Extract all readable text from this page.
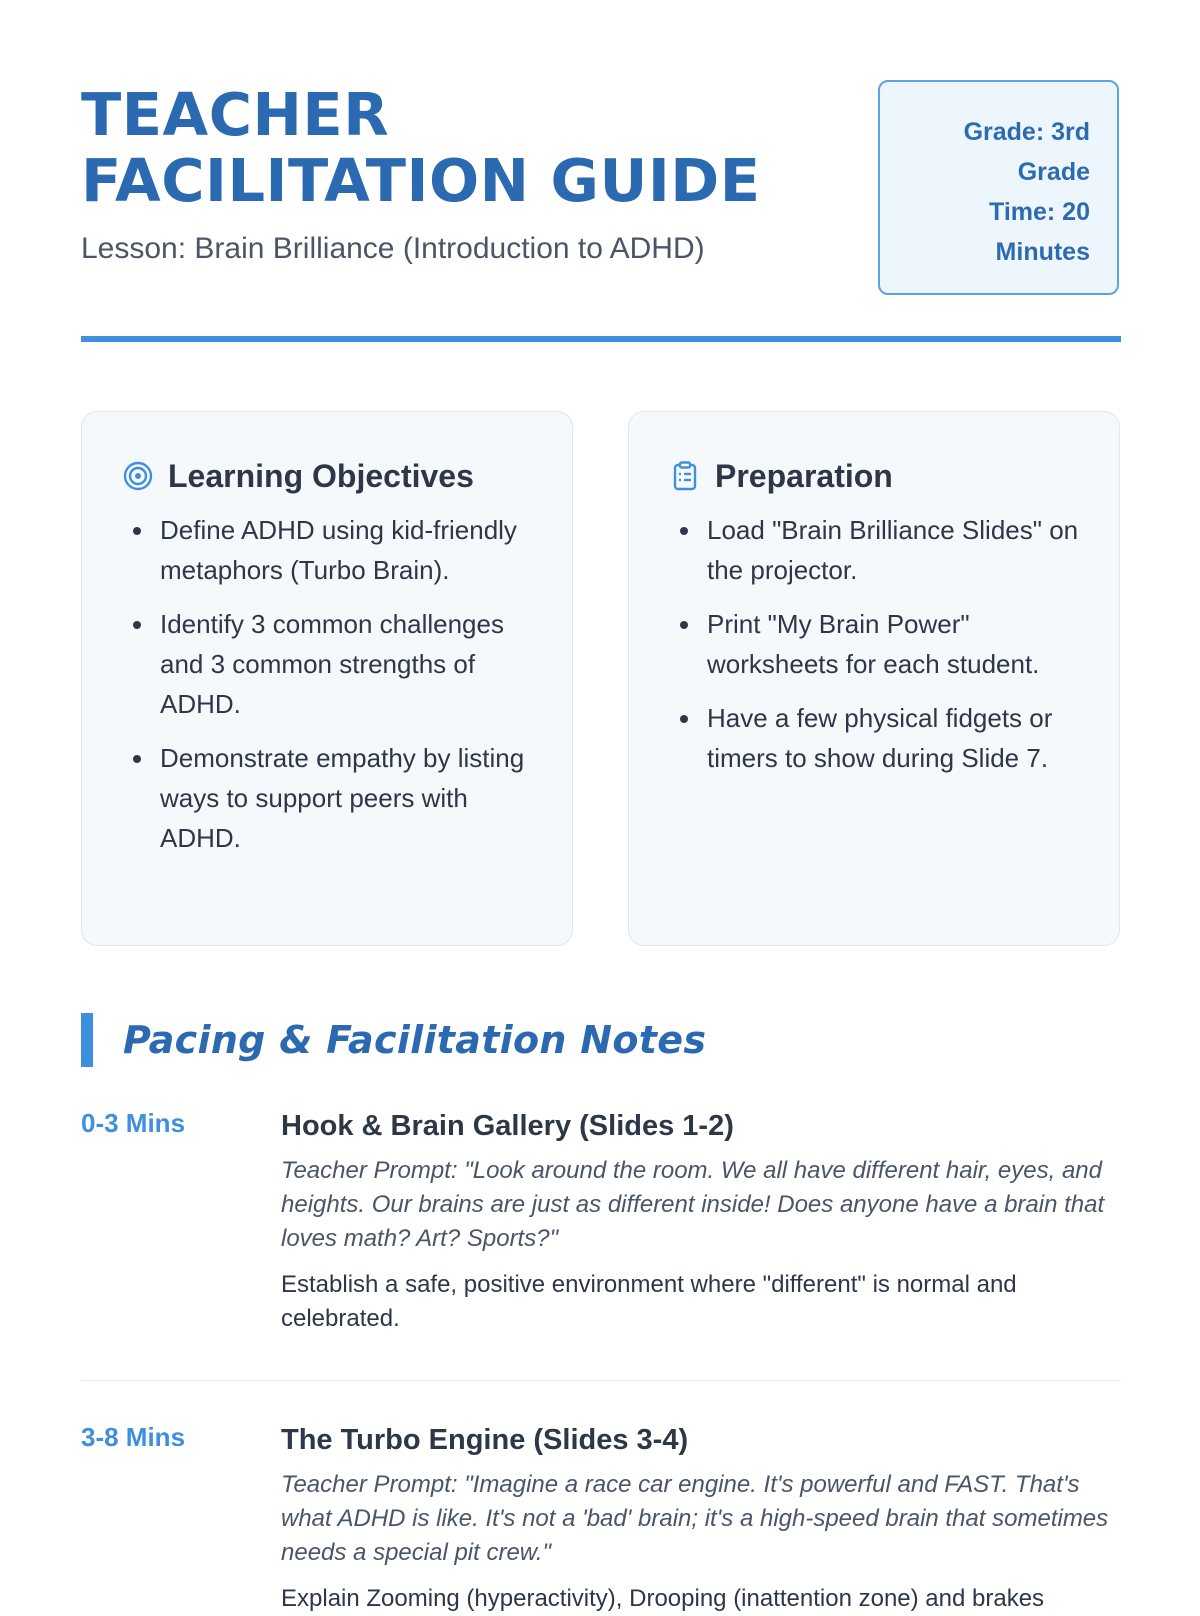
TEACHER FACILITATION GUIDE
Lesson: Brain Brilliance (Introduction to ADHD)
Grade: 3rd Grade
Time: 20 Minutes
Learning Objectives
• Define ADHD using kid-friendly metaphors (Turbo Brain).
• Identify 3 common challenges and 3 common strengths of ADHD.
• Demonstrate empathy by listing ways to support peers with ADHD.
Preparation
• Load "Brain Brilliance Slides" on the projector.
• Print "My Brain Power" worksheets for each student.
• Have a few physical fidgets or timers to show during Slide 7.
Pacing & Facilitation Notes
0-3 Mins	Hook & Brain Gallery (Slides 1-2)
Teacher Prompt: "Look around the room. We all have different hair, eyes, and heights. Our brains are just as different inside! Does anyone have a brain that loves math? Art? Sports?"
Establish a safe, positive environment where "different" is normal and celebrated.
3-8 Mins	The Turbo Engine (Slides 3-4)
Teacher Prompt: "Imagine a race car engine. It's powerful and FAST. That's what ADHD is like. It's not a 'bad' brain; it's a high-speed brain that sometimes needs a special pit crew."
Explain Zooming (hyperactivity), Drooping (inattention zone) and brakes
